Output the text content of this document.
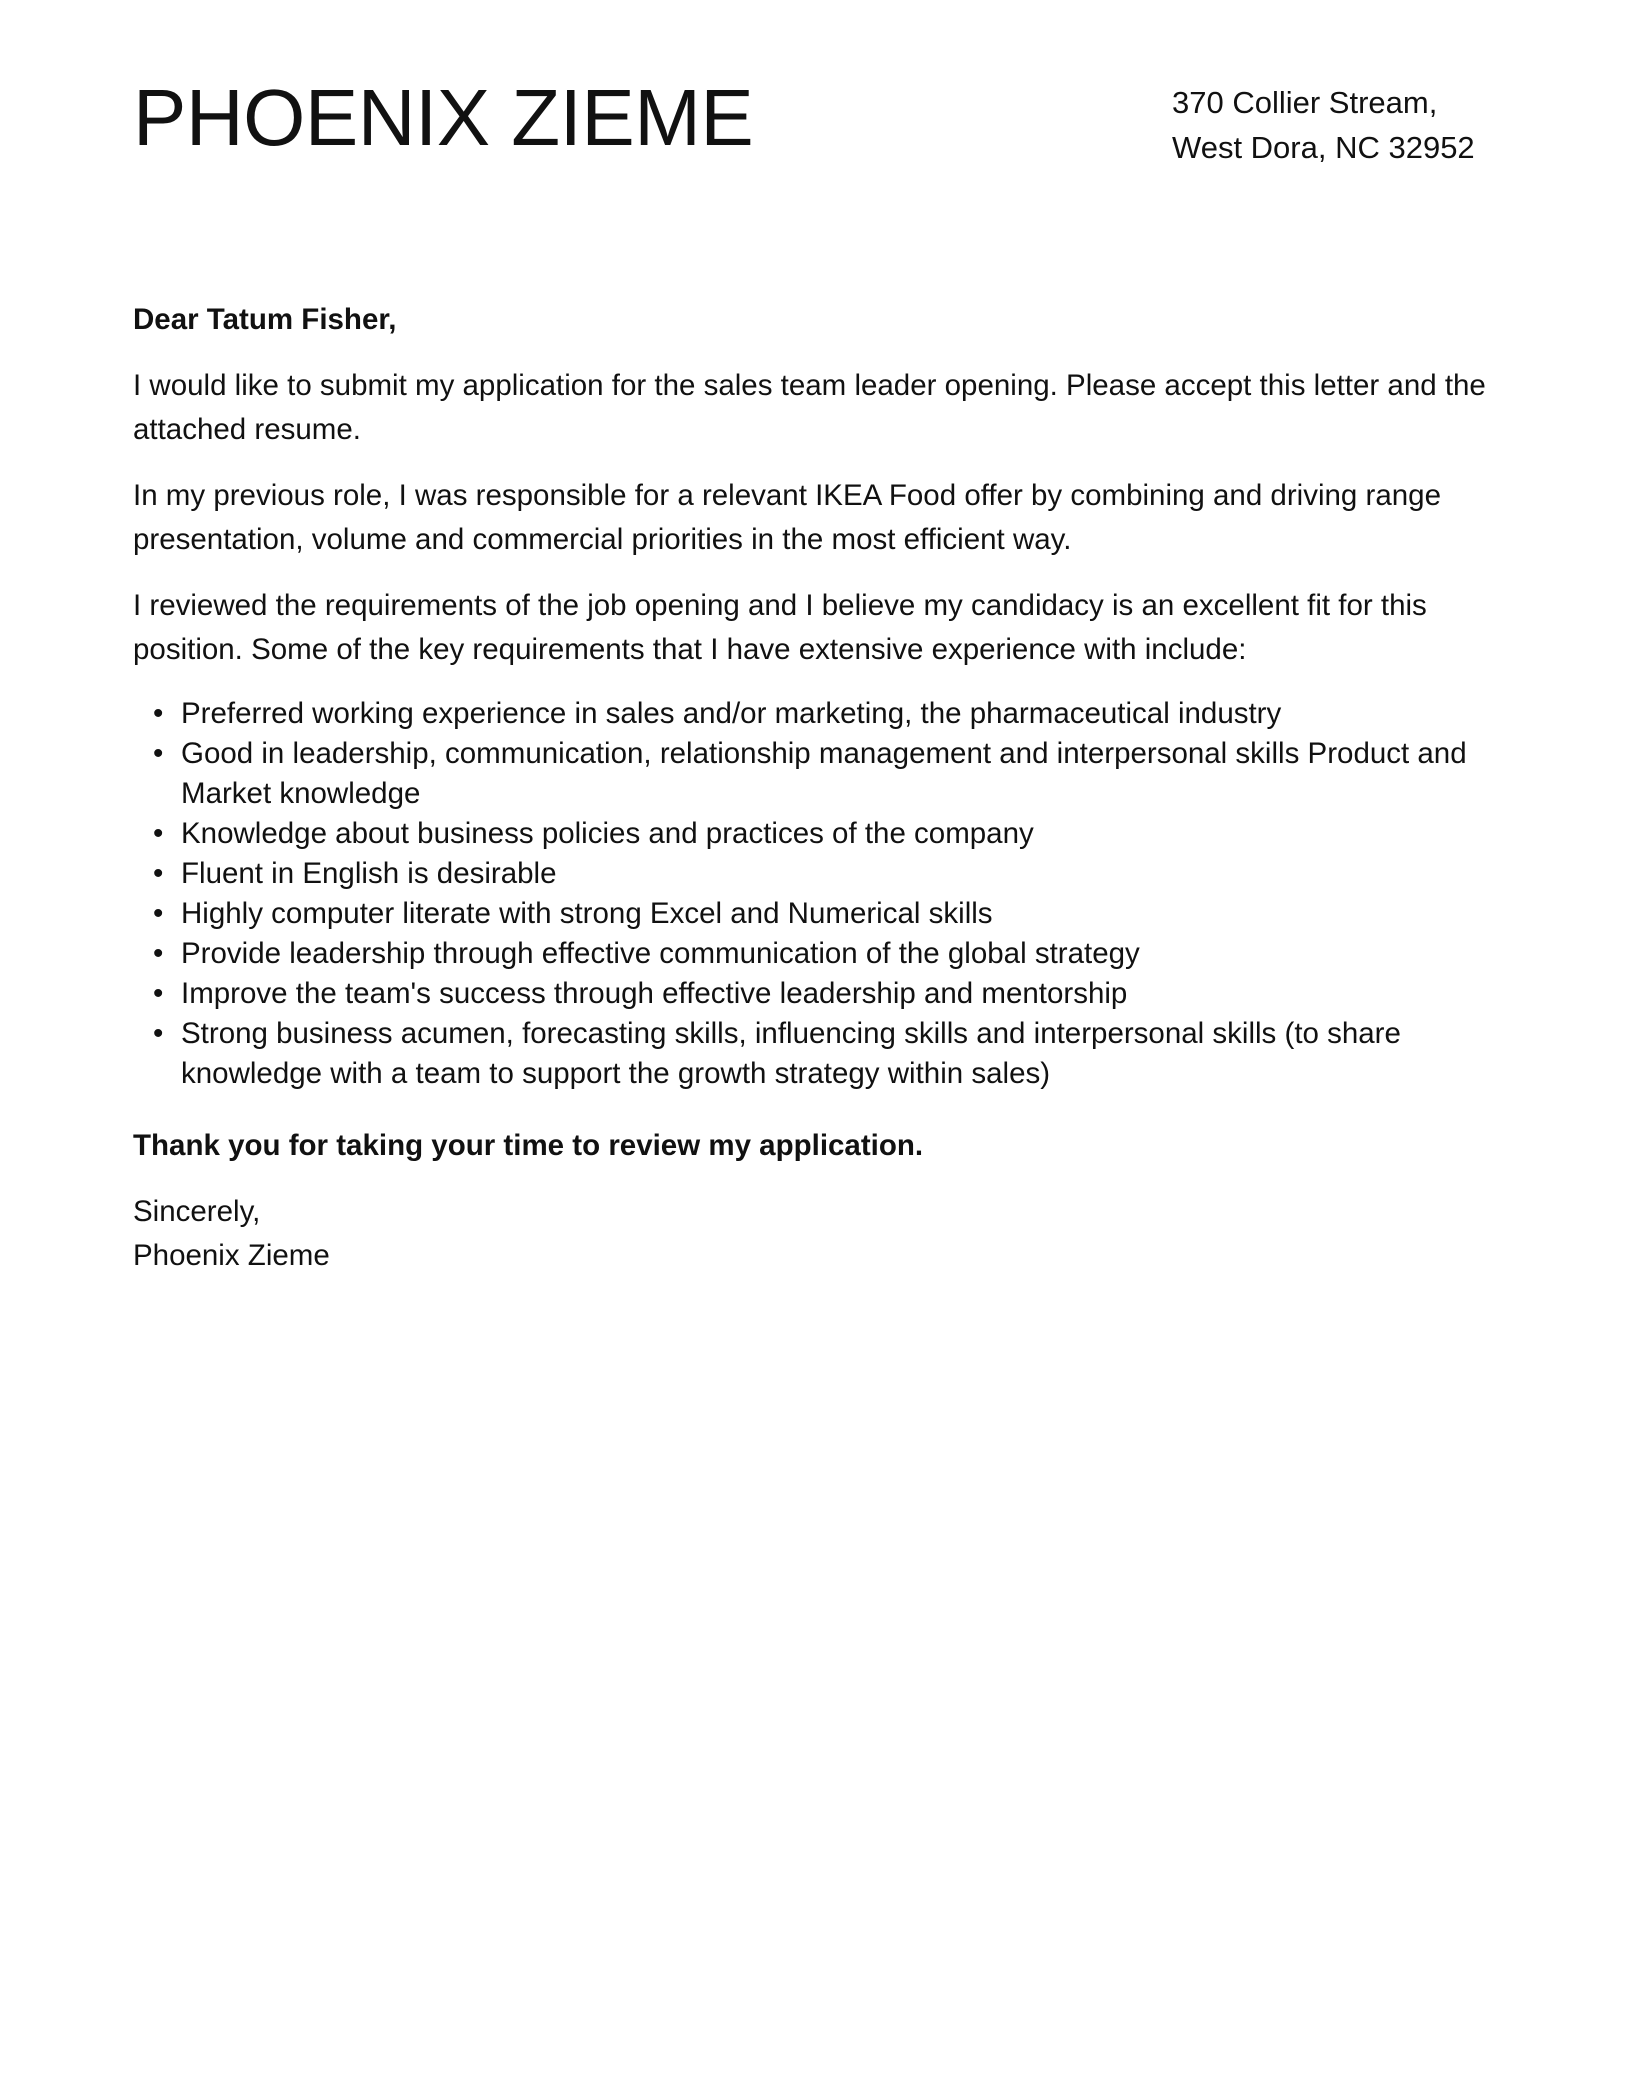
PHOENIX ZIEME	370 Collier Stream,
West Dora, NC 32952

Dear Tatum Fisher,

I would like to submit my application for the sales team leader opening. Please accept this letter and the attached resume.

In my previous role, I was responsible for a relevant IKEA Food offer by combining and driving range presentation, volume and commercial priorities in the most efficient way.

I reviewed the requirements of the job opening and I believe my candidacy is an excellent fit for this position. Some of the key requirements that I have extensive experience with include:

• Preferred working experience in sales and/or marketing, the pharmaceutical industry
• Good in leadership, communication, relationship management and interpersonal skills Product and Market knowledge
• Knowledge about business policies and practices of the company
• Fluent in English is desirable
• Highly computer literate with strong Excel and Numerical skills
• Provide leadership through effective communication of the global strategy
• Improve the team's success through effective leadership and mentorship
• Strong business acumen, forecasting skills, influencing skills and interpersonal skills (to share knowledge with a team to support the growth strategy within sales)

Thank you for taking your time to review my application.

Sincerely,
Phoenix Zieme
